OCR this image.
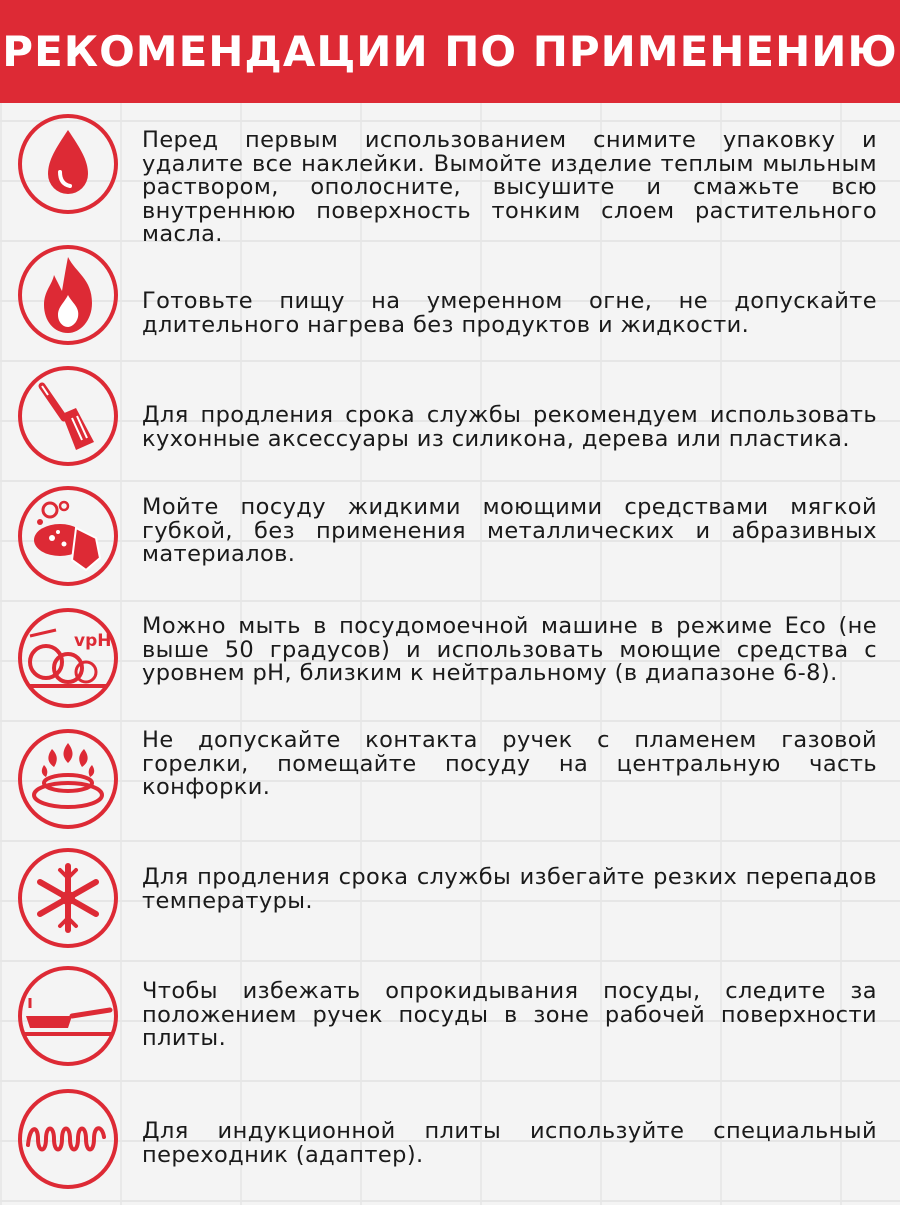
РЕКОМЕНДАЦИИ ПО ПРИМЕНЕНИЮ
Перед первым использованием снимите упаковку и удалите все наклейки. Вымойте изделие теплым мыльным раствором, ополосните, высушите и смажьте всю внутреннюю поверхность тонким слоем растительного масла.
Готовьте пищу на умеренном огне, не допускайте длительного нагрева без продуктов и жидкости.
Для продления срока службы рекомендуем использовать кухонные аксессуары из силикона, дерева или пластика.
Мойте посуду жидкими моющими средствами мягкой губкой, без применения металлических и абразивных материалов.
vpH
Можно мыть в посудомоечной машине в режиме Eco (не выше 50 градусов) и использовать моющие средства с уровнем pH, близким к нейтральному (в диапазоне 6-8).
Не допускайте контакта ручек с пламенем газовой горелки, помещайте посуду на центральную часть конфорки.
Для продления срока службы избегайте резких перепадов температуры.
Чтобы избежать опрокидывания посуды, следите за положением ручек посуды в зоне рабочей поверхности плиты.
Для индукционной плиты используйте специальный переходник (адаптер).
